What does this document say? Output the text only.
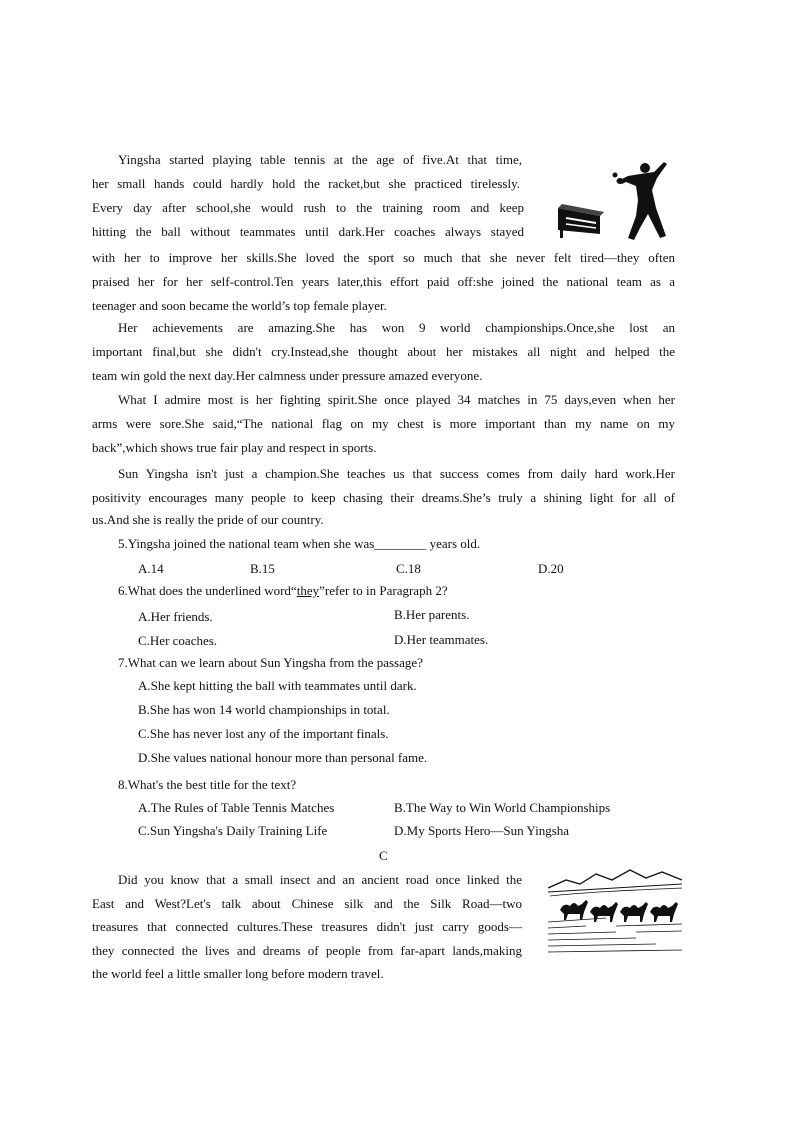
Yingsha started playing table tennis at the age of five.At that time,
her small hands could hardly hold the racket,but she practiced tirelessly.
Every day after school,she would rush to the training room and keep
hitting the ball without teammates until dark.Her coaches always stayed
with her to improve her skills.She loved the sport so much that she never felt tired—they often
praised her for her self-control.Ten years later,this effort paid off:she joined the national team as a
teenager and soon became the world’s top female player.
Her achievements are amazing.She has won 9 world championships.Once,she lost an
important final,but she didn't cry.Instead,she thought about her mistakes all night and helped the
team win gold the next day.Her calmness under pressure amazed everyone.
What I admire most is her fighting spirit.She once played 34 matches in 75 days,even when her
arms were sore.She said,“The national flag on my chest is more important than my name on my
back”,which shows true fair play and respect in sports.
Sun Yingsha isn't just a champion.She teaches us that success comes from daily hard work.Her
positivity encourages many people to keep chasing their dreams.She’s truly a shining light for all of
us.And she is really the pride of our country.
5.Yingsha joined the national team when she was________ years old.
A.14	B.15	C.18	D.20
6.What does the underlined word“they”refer to in Paragraph 2?
A.Her friends.	B.Her parents.
C.Her coaches.	D.Her teammates.
7.What can we learn about Sun Yingsha from the passage?
A.She kept hitting the ball with teammates until dark.
B.She has won 14 world championships in total.
C.She has never lost any of the important finals.
D.She values national honour more than personal fame.
8.What's the best title for the text?
A.The Rules of Table Tennis Matches	B.The Way to Win World Championships
C.Sun Yingsha's Daily Training Life	D.My Sports Hero—Sun Yingsha
C
Did you know that a small insect and an ancient road once linked the
East and West?Let's talk about Chinese silk and the Silk Road—two
treasures that connected cultures.These treasures didn't just carry goods—
they connected the lives and dreams of people from far-apart lands,making
the world feel a little smaller long before modern travel.
